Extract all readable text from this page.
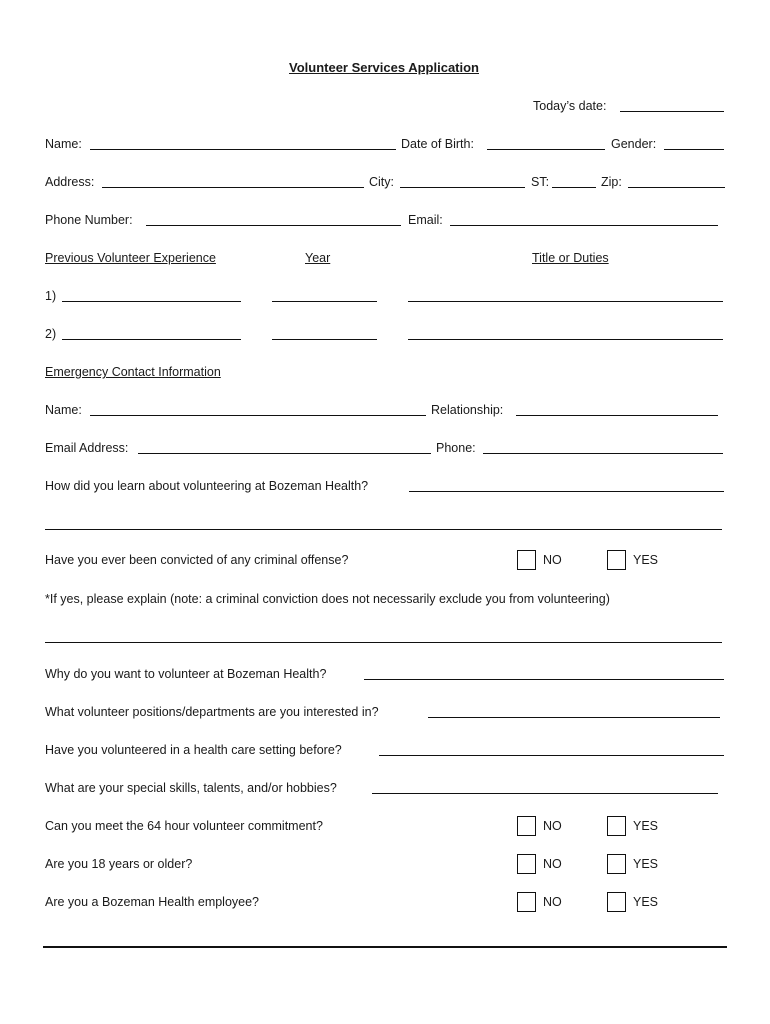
Volunteer Services Application
Today’s date:
Name:	Date of Birth:	Gender:
Address:	City:	ST:	Zip:
Phone Number:	Email:
Previous Volunteer Experience	Year	Title or Duties
1)
2)
Emergency Contact Information
Name:	Relationship:
Email Address:	Phone:
How did you learn about volunteering at Bozeman Health?
Have you ever been convicted of any criminal offense?	NO	YES
*If yes, please explain (note: a criminal conviction does not necessarily exclude you from volunteering)
Why do you want to volunteer at Bozeman Health?
What volunteer positions/departments are you interested in?
Have you volunteered in a health care setting before?
What are your special skills, talents, and/or hobbies?
Can you meet the 64 hour volunteer commitment?	NO	YES
Are you 18 years or older?	NO	YES
Are you a Bozeman Health employee?	NO	YES
